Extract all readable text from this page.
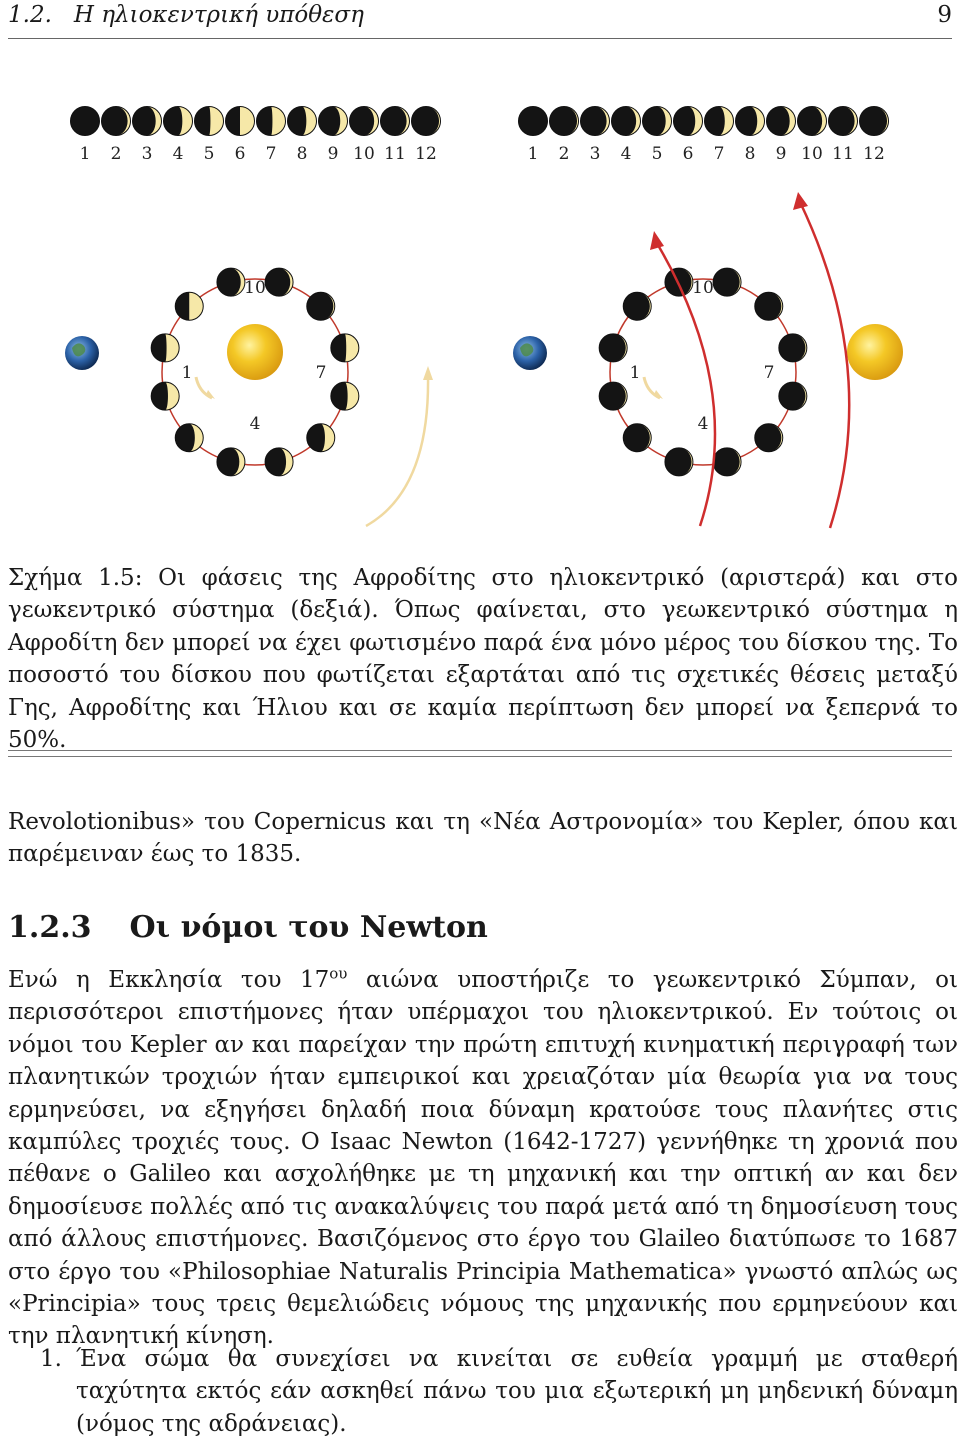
1.2. Η ηλιοκεντρική υπόθεση	9
1 2 3 4 5 6 7 8 9 10 11 12
10
1	7
4
1 2 3 4 5 6 7 8 9 10 11 12
10
1	7
4
Σχήμα 1.5: Οι φάσεις της Αφροδίτης στο ηλιοκεντρικό (αριστερά) και στο γεωκεντρικό σύστημα (δεξιά). Όπως φαίνεται, στο γεωκεντρικό σύστημα η Αφροδίτη δεν μπορεί να έχει φωτισμένο παρά ένα μόνο μέρος του δίσκου της. Το ποσοστό του δίσκου που φωτίζεται εξαρτάται από τις σχετικές θέσεις μεταξύ Γης, Αφροδίτης και Ήλιου και σε καμία περίπτωση δεν μπορεί να ξεπερνά το 50%.
Revolotionibus» του Copernicus και τη «Νέα Αστρονομία» του Kepler, όπου και παρέμειναν έως το 1835.
1.2.3 Οι νόμοι του Newton
Ενώ η Εκκλησία του $17^{o\upsilon}$ αιώνα υποστήριζε το γεωκεντρικό Σύμπαν, οι περισσότεροι επιστήμονες ήταν υπέρμαχοι του ηλιοκεντρικού. Εν τούτοις οι νόμοι του Kepler αν και παρείχαν την πρώτη επιτυχή κινηματική περιγραφή των πλανητικών τροχιών ήταν εμπειρικοί και χρειαζόταν μία θεωρία για να τους ερμηνεύσει, να εξηγήσει δηλαδή ποια δύναμη κρατούσε τους πλανήτες στις καμπύλες τροχιές τους. Ο Isaac Newton (1642-1727) γεννήθηκε τη χρονιά που πέθανε ο Galileo και ασχολήθηκε με τη μηχανική και την οπτική αν και δεν δημοσίευσε πολλές από τις ανακαλύψεις του παρά μετά από τη δημοσίευση τους από άλλους επιστήμονες. Βασιζόμενος στο έργο του Glaileo διατύπωσε το 1687 στο έργο του «Philosophiae Naturalis Principia Mathematica» γνωστό απλώς ως «Principia» τους τρεις θεμελιώδεις νόμους της μηχανικής που ερμηνεύουν και την πλανητική κίνηση.
1. Ένα σώμα θα συνεχίσει να κινείται σε ευθεία γραμμή με σταθερή ταχύτητα εκτός εάν ασκηθεί πάνω του μια εξωτερική μη μηδενική δύναμη (νόμος της αδράνειας).
